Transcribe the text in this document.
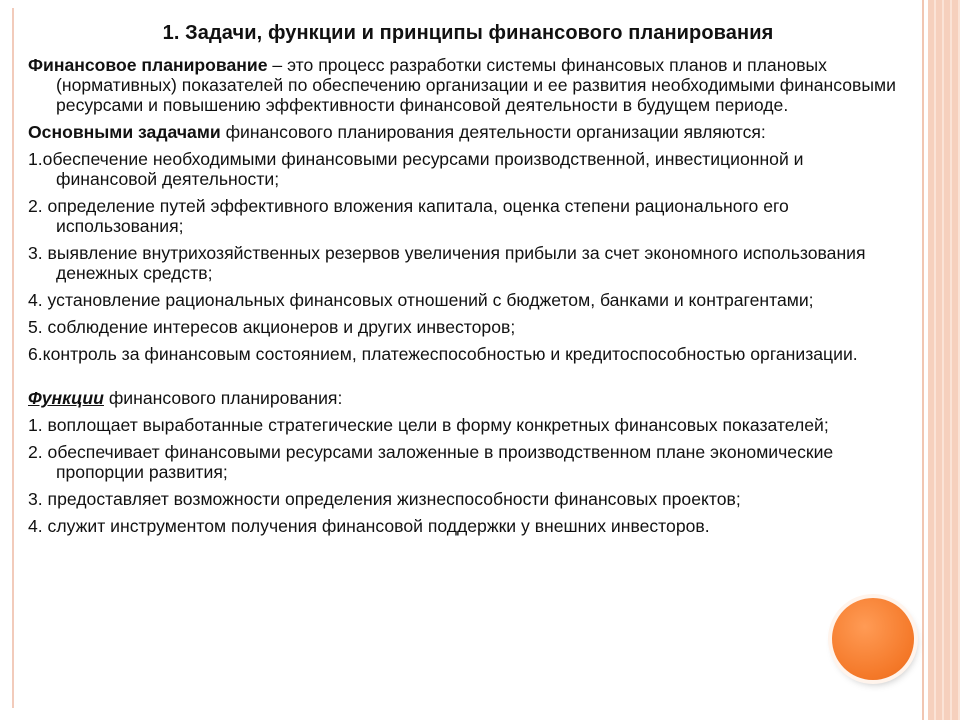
1. Задачи, функции и принципы финансового планирования

Финансовое планирование – это процесс разработки системы финансовых планов и плановых (нормативных) показателей по обеспечению организации и ее развития необходимыми финансовыми ресурсами и повышению эффективности финансовой деятельности в будущем периоде.

Основными задачами финансового планирования деятельности организации являются:

1.обеспечение необходимыми финансовыми ресурсами производственной, инвестиционной и финансовой деятельности;

2. определение путей эффективного вложения капитала, оценка степени рационального его использования;

3. выявление внутрихозяйственных резервов увеличения прибыли за счет экономного использования денежных средств;

4. установление рациональных финансовых отношений с бюджетом, банками и контрагентами;

5. соблюдение интересов акционеров и других инвесторов;

6.контроль за финансовым состоянием, платежеспособностью и кредитоспособностью организации.

Функции финансового планирования:

1. воплощает выработанные стратегические цели в форму конкретных финансовых показателей;

2. обеспечивает финансовыми ресурсами заложенные в производственном плане экономические пропорции развития;

3. предоставляет возможности определения жизнеспособности финансовых проектов;

4. служит инструментом получения финансовой поддержки у внешних инвесторов.
